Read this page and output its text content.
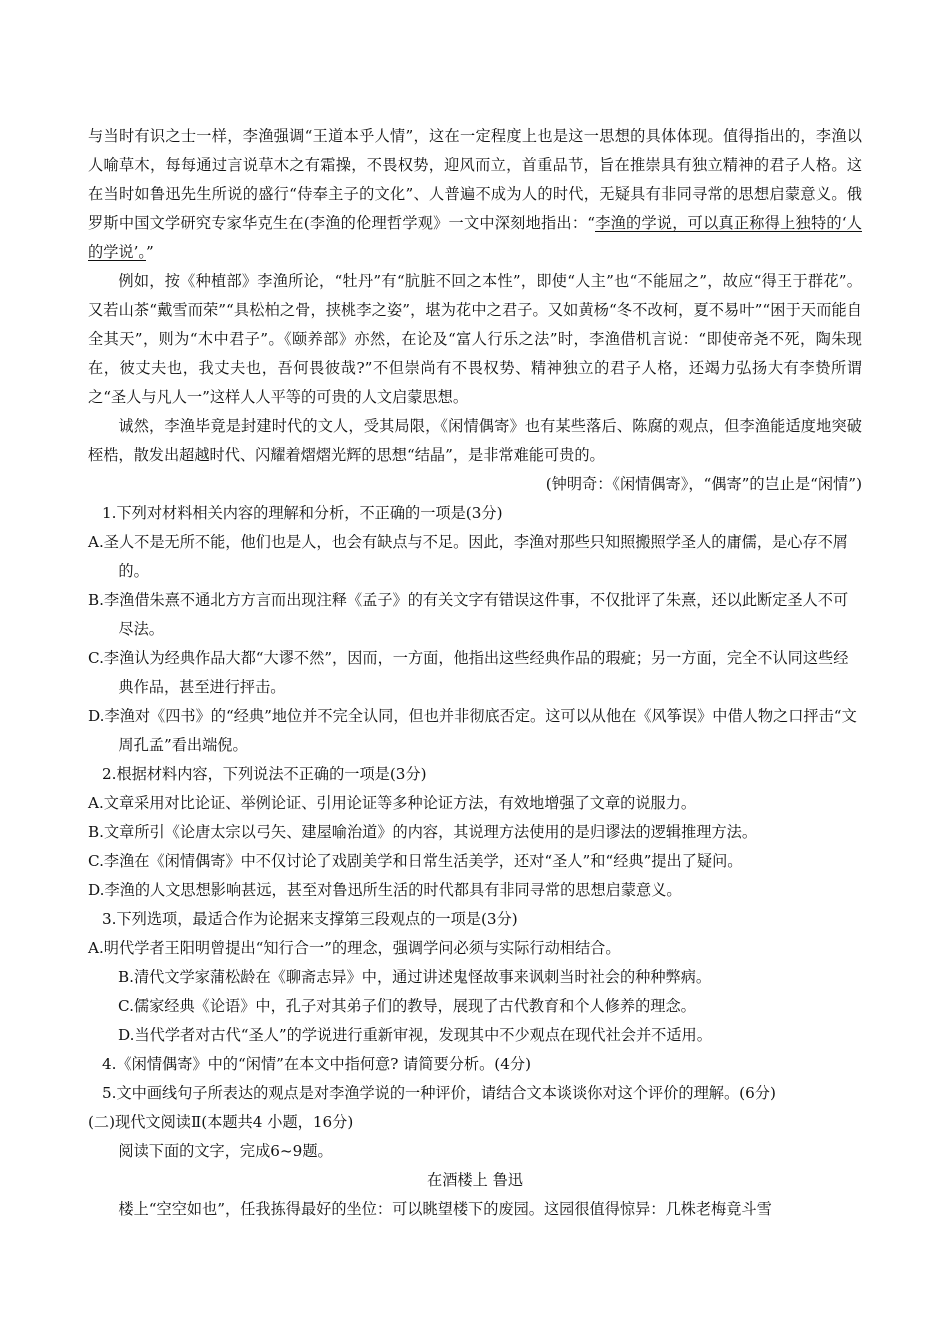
与当时有识之士一样，李渔强调“王道本乎人情”，这在一定程度上也是这一思想的具体体现。值得指出的，李渔以人喻草木，每每通过言说草木之有霜操，不畏权势，迎风而立，首重品节，旨在推崇具有独立精神的君子人格。这在当时如鲁迅先生所说的盛行“侍奉主子的文化”、人普遍不成为人的时代，无疑具有非同寻常的思想启蒙意义。俄罗斯中国文学研究专家华克生在(李渔的伦理哲学观》一文中深刻地指出：“李渔的学说，可以真正称得上独特的‘人的学说’。”

例如，按《种植部》李渔所论，“牡丹”有“肮脏不回之本性”，即使“人主”也“不能屈之”，故应“得王于群花”。又若山茶“戴雪而荣”“具松柏之骨，挟桃李之姿”，堪为花中之君子。又如黄杨“冬不改柯，夏不易叶”“困于天而能自全其天”，则为“木中君子”。《颐养部》亦然，在论及“富人行乐之法”时，李渔借机言说：“即使帝尧不死，陶朱现在，彼丈夫也，我丈夫也，吾何畏彼哉?”不但崇尚有不畏权势、精神独立的君子人格，还竭力弘扬大有李贽所谓之“圣人与凡人一”这样人人平等的可贵的人文启蒙思想。

诚然，李渔毕竟是封建时代的文人，受其局限，《闲情偶寄》也有某些落后、陈腐的观点，但李渔能适度地突破桎梏，散发出超越时代、闪耀着熠熠光辉的思想“结晶”，是非常难能可贵的。

(钟明奇：《闲情偶寄》，“偶寄”的岂止是“闲情”)

1.下列对材料相关内容的理解和分析，不正确的一项是(3分)

A.圣人不是无所不能，他们也是人，也会有缺点与不足。因此，李渔对那些只知照搬照学圣人的庸儒，是心存不屑的。

B.李渔借朱熹不通北方方言而出现注释《孟子》的有关文字有错误这件事，不仅批评了朱熹，还以此断定圣人不可尽法。

C.李渔认为经典作品大都“大谬不然”，因而，一方面，他指出这些经典作品的瑕疵；另一方面，完全不认同这些经典作品，甚至进行抨击。

D.李渔对《四书》的“经典”地位并不完全认同，但也并非彻底否定。这可以从他在《风筝误》中借人物之口抨击“文周孔孟”看出端倪。

2.根据材料内容，下列说法不正确的一项是(3分)

A.文章采用对比论证、举例论证、引用论证等多种论证方法，有效地增强了文章的说服力。

B.文章所引《论唐太宗以弓矢、建屋喻治道》的内容，其说理方法使用的是归谬法的逻辑推理方法。

C.李渔在《闲情偶寄》中不仅讨论了戏剧美学和日常生活美学，还对“圣人”和“经典”提出了疑问。

D.李渔的人文思想影响甚远，甚至对鲁迅所生活的时代都具有非同寻常的思想启蒙意义。

3.下列选项，最适合作为论据来支撑第三段观点的一项是(3分)

A.明代学者王阳明曾提出“知行合一”的理念，强调学问必须与实际行动相结合。

B.清代文学家蒲松龄在《聊斋志异》中，通过讲述鬼怪故事来讽刺当时社会的种种弊病。

C.儒家经典《论语》中，孔子对其弟子们的教导，展现了古代教育和个人修养的理念。

D.当代学者对古代“圣人”的学说进行重新审视，发现其中不少观点在现代社会并不适用。

4.《闲情偶寄》中的“闲情”在本文中指何意? 请简要分析。(4分)

5.文中画线句子所表达的观点是对李渔学说的一种评价，请结合文本谈谈你对这个评价的理解。(6分)

(二)现代文阅读Ⅱ(本题共4 小题，16分)

阅读下面的文字，完成6~9题。

在酒楼上 鲁迅

楼上“空空如也”，任我拣得最好的坐位：可以眺望楼下的废园。这园很值得惊异：几株老梅竟斗雪
